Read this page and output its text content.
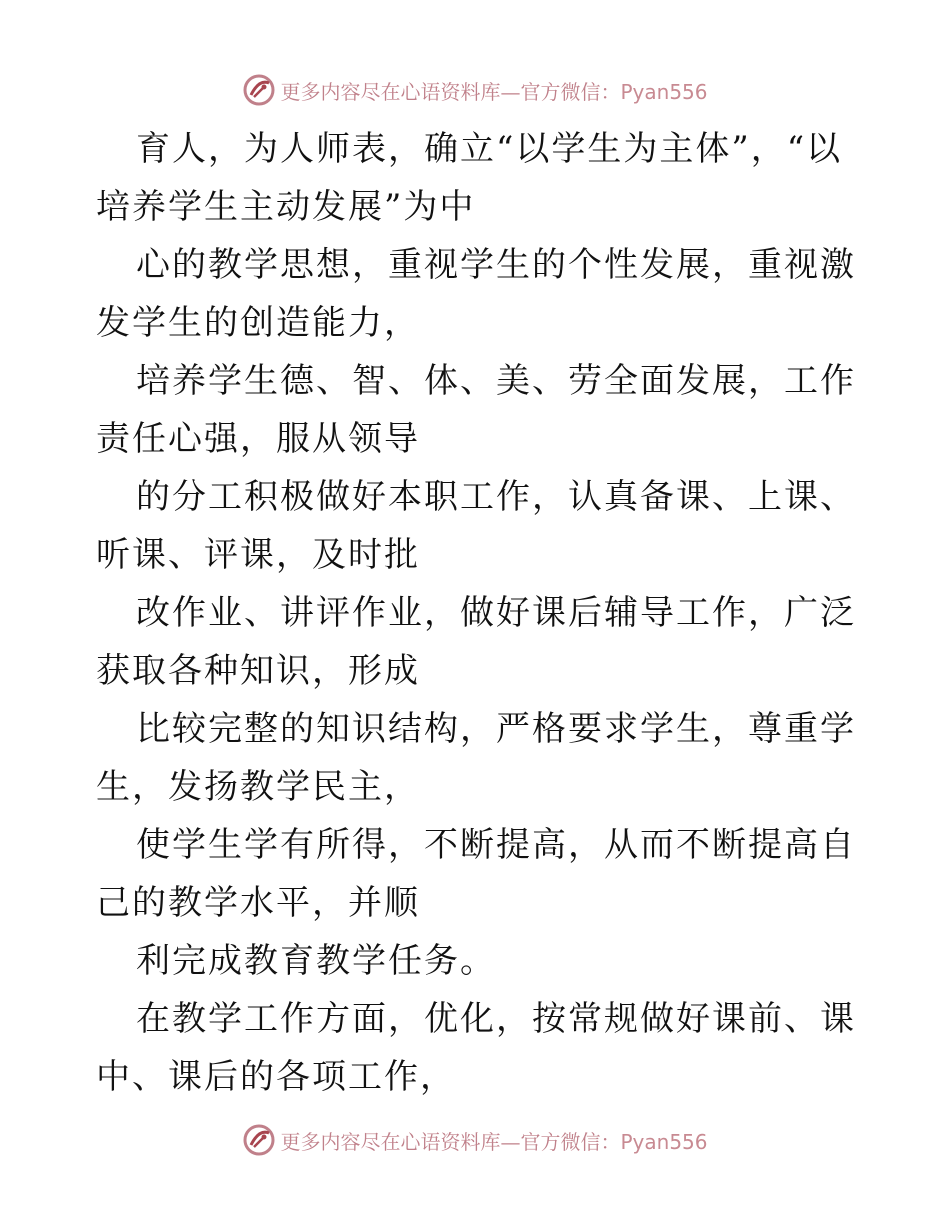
更多内容尽在心语资料库—官方微信：Pyan556

育人，为人师表，确立“以学生为主体”，“以培养学生主动发展”为中

心的教学思想，重视学生的个性发展，重视激发学生的创造能力，

培养学生德、智、体、美、劳全面发展，工作责任心强，服从领导

的分工积极做好本职工作，认真备课、上课、听课、评课，及时批

改作业、讲评作业，做好课后辅导工作，广泛获取各种知识，形成

比较完整的知识结构，严格要求学生，尊重学生，发扬教学民主，

使学生学有所得，不断提高，从而不断提高自己的教学水平，并顺

利完成教育教学任务。

在教学工作方面，优化，按常规做好课前、课中、课后的各项工作，

更多内容尽在心语资料库—官方微信：Pyan556
